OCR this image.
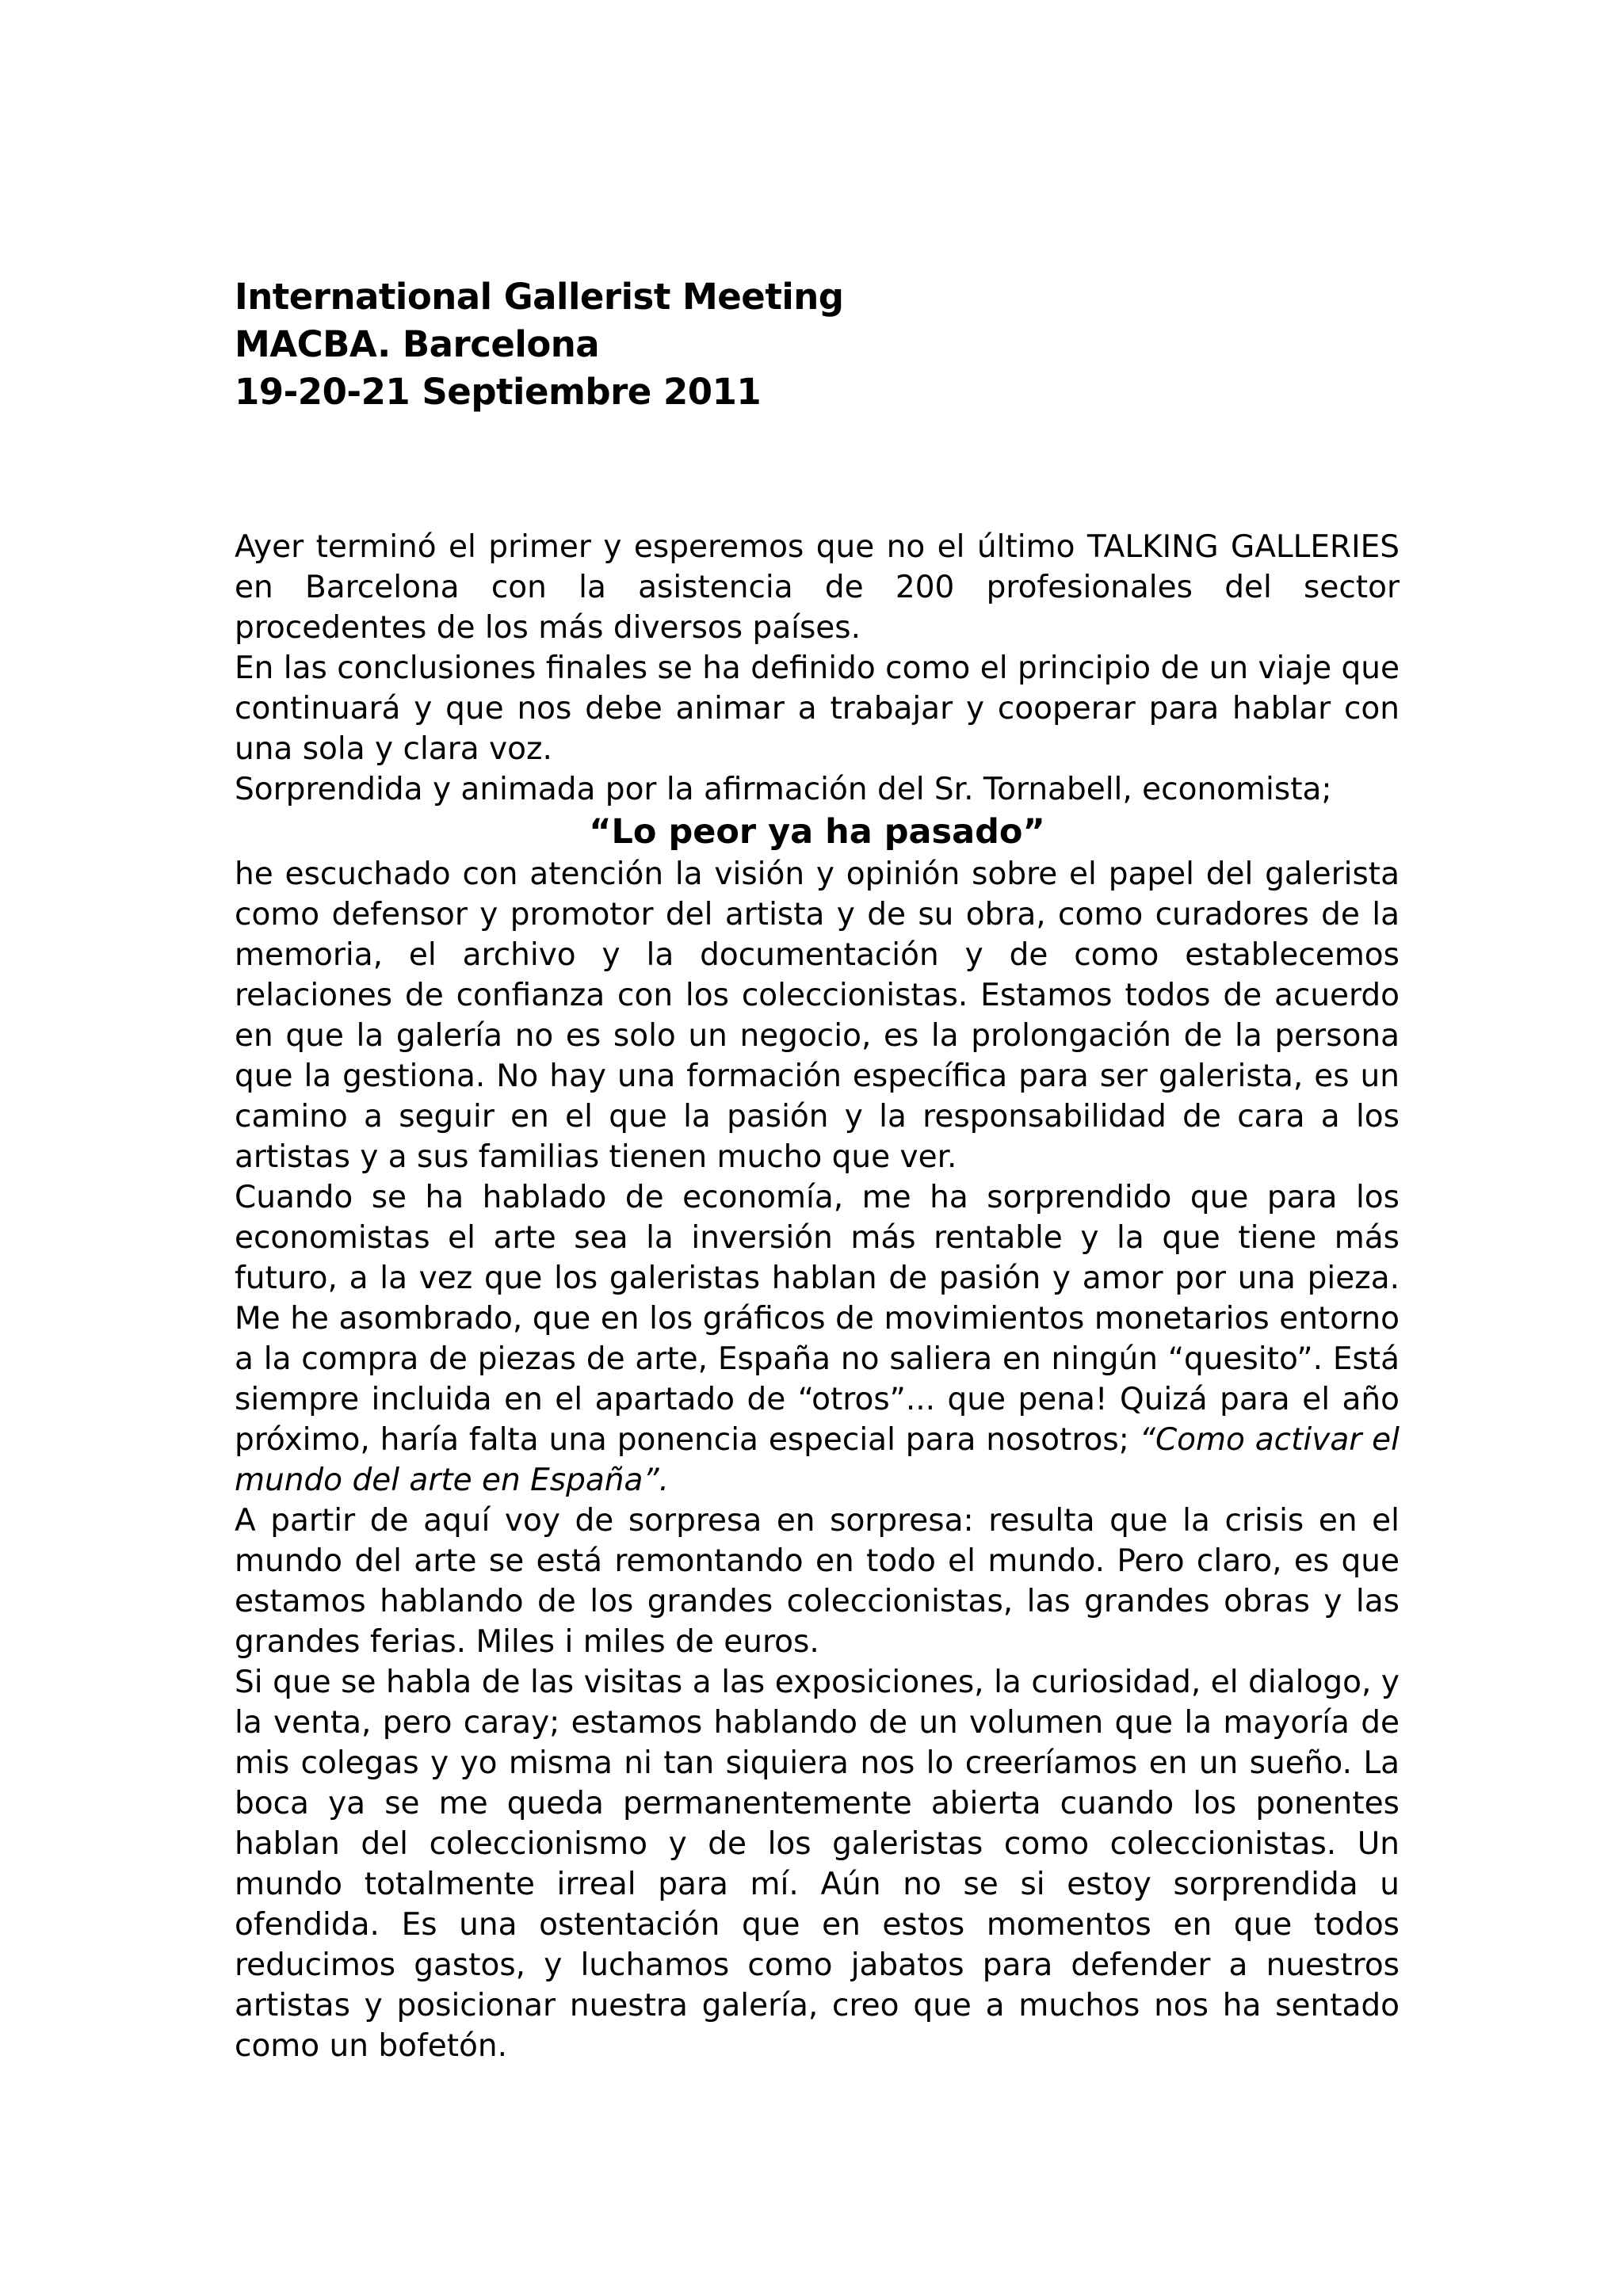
International Gallerist Meeting
MACBA. Barcelona
19-20-21 Septiembre 2011

Ayer terminó el primer y esperemos que no el último TALKING GALLERIES en Barcelona con la asistencia de 200 profesionales del sector procedentes de los más diversos países.

En las conclusiones finales se ha definido como el principio de un viaje que continuará y que nos debe animar a trabajar y cooperar para hablar con una sola y clara voz.

Sorprendida y animada por la afirmación del Sr. Tornabell, economista;

“Lo peor ya ha pasado”

he escuchado con atención la visión y opinión sobre el papel del galerista como defensor y promotor del artista y de su obra, como curadores de la memoria, el archivo y la documentación y de como establecemos relaciones de confianza con los coleccionistas. Estamos todos de acuerdo en que la galería no es solo un negocio, es la prolongación de la persona que la gestiona. No hay una formación específica para ser galerista, es un camino a seguir en el que la pasión y la responsabilidad de cara a los artistas y a sus familias tienen mucho que ver.

Cuando se ha hablado de economía, me ha sorprendido que para los economistas el arte sea la inversión más rentable y la que tiene más futuro, a la vez que los galeristas hablan de pasión y amor por una pieza. Me he asombrado, que en los gráficos de movimientos monetarios entorno a la compra de piezas de arte, España no saliera en ningún “quesito”. Está siempre incluida en el apartado de “otros”... que pena! Quizá para el año próximo, haría falta una ponencia especial para nosotros; “Como activar el mundo del arte en España”.

A partir de aquí voy de sorpresa en sorpresa: resulta que la crisis en el mundo del arte se está remontando en todo el mundo. Pero claro, es que estamos hablando de los grandes coleccionistas, las grandes obras y las grandes ferias. Miles i miles de euros.

Si que se habla de las visitas a las exposiciones, la curiosidad, el dialogo, y la venta, pero caray; estamos hablando de un volumen que la mayoría de mis colegas y yo misma ni tan siquiera nos lo creeríamos en un sueño. La boca ya se me queda permanentemente abierta cuando los ponentes hablan del coleccionismo y de los galeristas como coleccionistas. Un mundo totalmente irreal para mí. Aún no se si estoy sorprendida u ofendida. Es una ostentación que en estos momentos en que todos reducimos gastos, y luchamos como jabatos para defender a nuestros artistas y posicionar nuestra galería, creo que a muchos nos ha sentado como un bofetón.
